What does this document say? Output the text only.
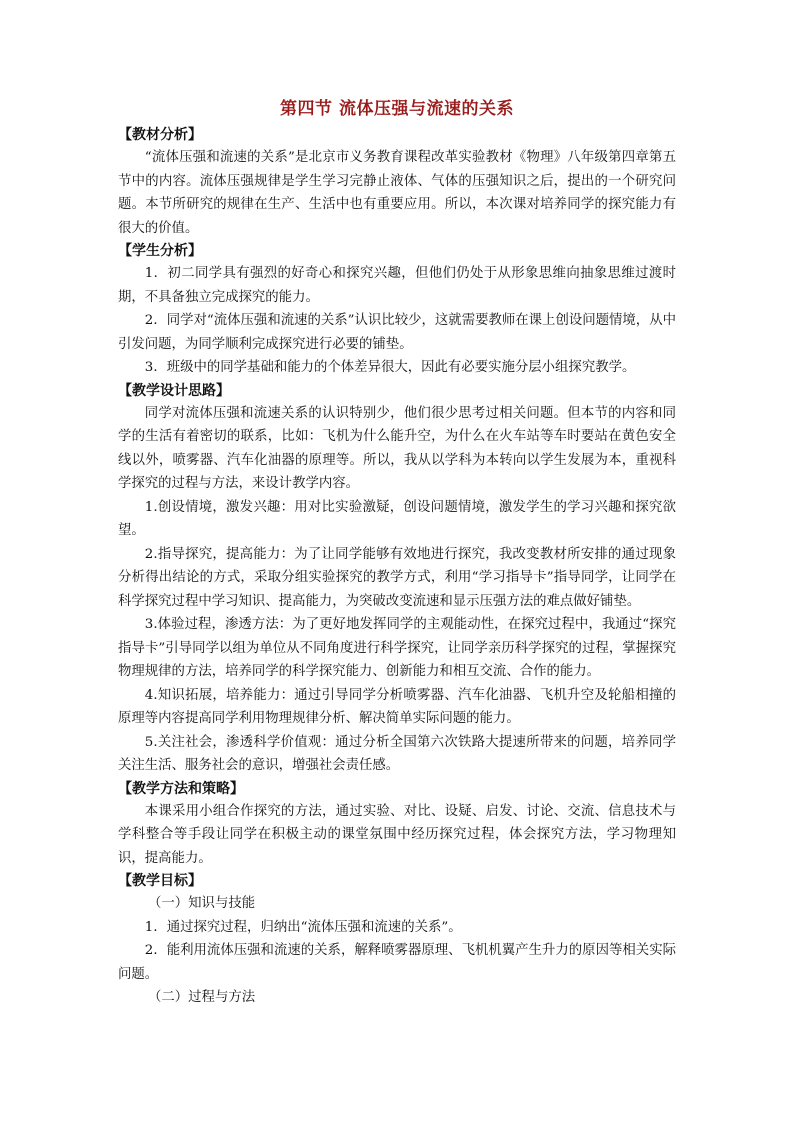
第四节 流体压强与流速的关系
【教材分析】

“流体压强和流速的关系”是北京市义务教育课程改革实验教材《物理》八年级第四章第五节中的内容。流体压强规律是学生学习完静止液体、气体的压强知识之后，提出的一个研究问题。本节所研究的规律在生产、生活中也有重要应用。所以，本次课对培养同学的探究能力有很大的价值。

【学生分析】

1．初二同学具有强烈的好奇心和探究兴趣，但他们仍处于从形象思维向抽象思维过渡时期，不具备独立完成探究的能力。

2．同学对“流体压强和流速的关系”认识比较少，这就需要教师在课上创设问题情境，从中引发问题，为同学顺利完成探究进行必要的铺垫。

3．班级中的同学基础和能力的个体差异很大，因此有必要实施分层小组探究教学。

【教学设计思路】

同学对流体压强和流速关系的认识特别少，他们很少思考过相关问题。但本节的内容和同学的生活有着密切的联系，比如：飞机为什么能升空，为什么在火车站等车时要站在黄色安全线以外，喷雾器、汽车化油器的原理等。所以，我从以学科为本转向以学生发展为本，重视科学探究的过程与方法，来设计教学内容。

1.创设情境，激发兴趣：用对比实验激疑，创设问题情境，激发学生的学习兴趣和探究欲望。

2.指导探究，提高能力：为了让同学能够有效地进行探究，我改变教材所安排的通过现象分析得出结论的方式，采取分组实验探究的教学方式，利用“学习指导卡”指导同学，让同学在科学探究过程中学习知识、提高能力，为突破改变流速和显示压强方法的难点做好铺垫。

3.体验过程，渗透方法：为了更好地发挥同学的主观能动性，在探究过程中，我通过“探究指导卡”引导同学以组为单位从不同角度进行科学探究，让同学亲历科学探究的过程，掌握探究物理规律的方法，培养同学的科学探究能力、创新能力和相互交流、合作的能力。

4.知识拓展，培养能力：通过引导同学分析喷雾器、汽车化油器、飞机升空及轮船相撞的原理等内容提高同学利用物理规律分析、解决简单实际问题的能力。

5.关注社会，渗透科学价值观：通过分析全国第六次铁路大提速所带来的问题，培养同学关注生活、服务社会的意识，增强社会责任感。

【教学方法和策略】

本课采用小组合作探究的方法，通过实验、对比、设疑、启发、讨论、交流、信息技术与学科整合等手段让同学在积极主动的课堂氛围中经历探究过程，体会探究方法，学习物理知识，提高能力。

【教学目标】

（一）知识与技能

1．通过探究过程，归纳出“流体压强和流速的关系”。

2．能利用流体压强和流速的关系，解释喷雾器原理、飞机机翼产生升力的原因等相关实际问题。

（二）过程与方法
